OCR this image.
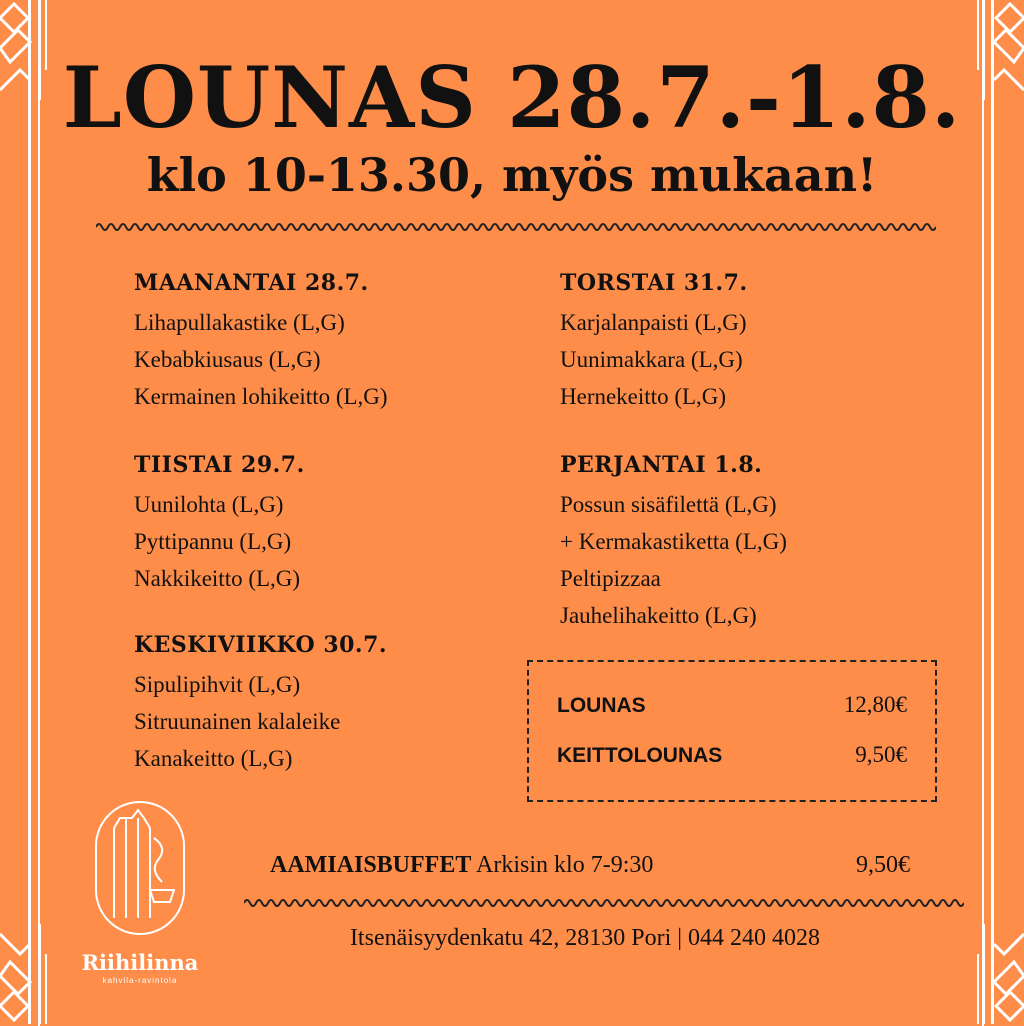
LOUNAS 28.7.-1.8.
klo 10-13.30, myös mukaan!
MAANANTAI 28.7.
Lihapullakastike (L,G)
Kebabkiusaus (L,G)
Kermainen lohikeitto (L,G)
TIISTAI 29.7.
Uunilohta (L,G)
Pyttipannu (L,G)
Nakkikeitto (L,G)
KESKIVIIKKO 30.7.
Sipulipihvit (L,G)
Sitruunainen kalaleike
Kanakeitto (L,G)
TORSTAI 31.7.
Karjalanpaisti (L,G)
Uunimakkara (L,G)
Hernekeitto (L,G)
PERJANTAI 1.8.
Possun sisäfilettä (L,G)
+ Kermakastiketta (L,G)
Peltipizzaa
Jauhelihakeitto (L,G)
LOUNAS	12,80€
KEITTOLOUNAS	9,50€
AAMIAISBUFFET Arkisin klo 7-9:30	9,50€
Itsenäisyydenkatu 42, 28130 Pori | 044 240 4028
Riihilinna
kahvila-ravintola
